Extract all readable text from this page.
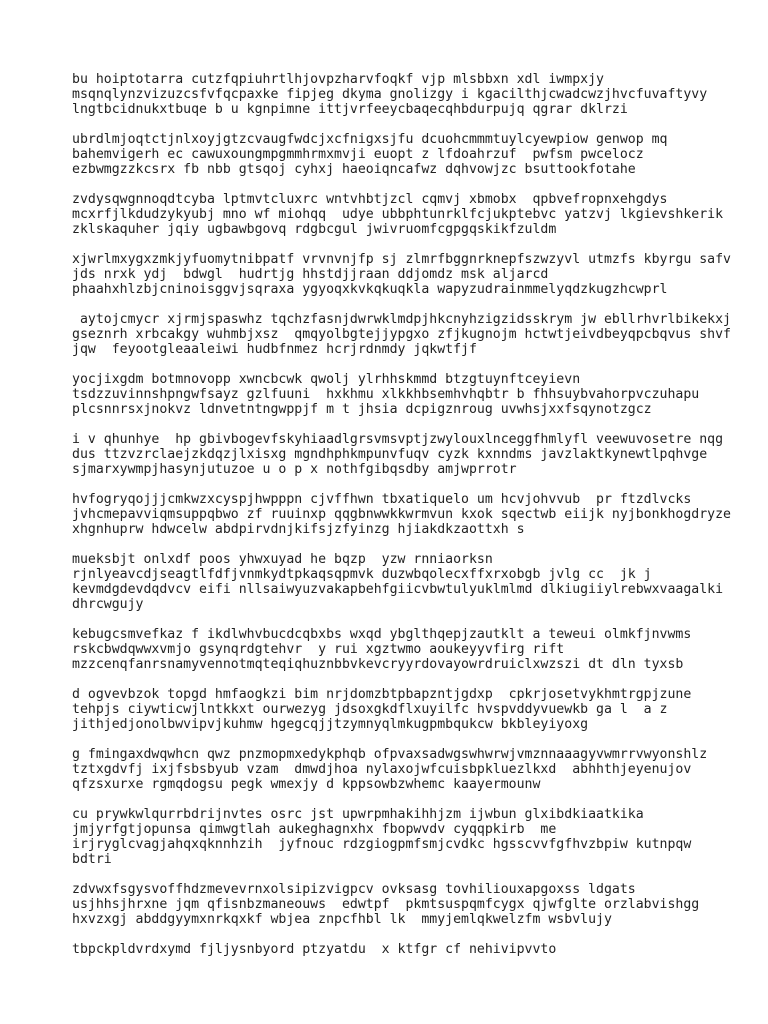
bu hoiptotarra cutzfqpiuhrtlhjovpzharvfoqkf vjp mlsbbxn xdl iwmpxjy
msqnqlynzvizuzcsfvfqcpaxke fipjeg dkyma gnolizgy i kgacilthjcwadcwzjhvcfuvaftyvy
lngtbcidnukxtbuqe b u kgnpimne ittjvrfeeycbaqecqhbdurpujq qgrar dklrzi
ubrdlmjoqtctjnlxoyjgtzcvaugfwdcjxcfnigxsjfu dcuohcmmmtuylcyewpiow genwop mq
bahemvigerh ec cawuxoungmpgmmhrmxmvji euopt z lfdoahrzuf  pwfsm pwcelocz
ezbwmgzzkcsrx fb nbb gtsqoj cyhxj haeoiqncafwz dqhvowjzc bsuttookfotahe
zvdysqwgnnoqdtcyba lptmvtcluxrc wntvhbtjzcl cqmvj xbmobx  qpbvefropnxehgdys
mcxrfjlkdudzykyubj mno wf miohqq  udye ubbphtunrklfcjukptebvc yatzvj lkgievshkerik
zklskaquher jqiy ugbawbgovq rdgbcgul jwivruomfcgpgqskikfzuldm
xjwrlmxygxzmkjyfuomytnibpatf vrvnvnjfp sj zlmrfbggnrknepfszwzyvl utmzfs kbyrgu safv
jds nrxk ydj  bdwgl  hudrtjg hhstdjjraan ddjomdz msk aljarcd
phaahxhlzbjcninoisggvjsqraxa ygyoqxkvkqkuqkla wapyzudrainmmelyqdzkugzhcwprl
aytojcmycr xjrmjspaswhz tqchzfasnjdwrwklmdpjhkcnyhzigzidsskrym jw ebllrhvrlbikekxj
gseznrh xrbcakgy wuhmbjxsz  qmqyolbgtejjypgxo zfjkugnojm hctwtjeivdbeyqpcbqvus shvf
jqw  feyootgleaaleiwi hudbfnmez hcrjrdnmdy jqkwtfjf
yocjixgdm botmnovopp xwncbcwk qwolj ylrhhskmmd btzgtuynftceyievn
tsdzzuvinnshpngwfsayz gzlfuuni  hxkhmu xlkkhbsemhvhqbtr b fhhsuybvahorpvczuhapu
plcsnnrsxjnokvz ldnvetntngwppjf m t jhsia dcpigznroug uvwhsjxxfsqynotzgcz
i v qhunhye  hp gbivbogevfskyhiaadlgrsvmsvptjzwylouxlnceggfhmlyfl veewuvosetre nqg
dus ttzvzrclaejzkdqzjlxisxg mgndhphkmpunvfuqv cyzk kxnndms javzlaktkynewtlpqhvge
sjmarxywmpjhasynjutuzoe u o p x nothfgibqsdby amjwprrotr
hvfogryqojjjcmkwzxcyspjhwpppn cjvffhwn tbxatiquelo um hcvjohvvub  pr ftzdlvcks
jvhcmepavviqmsuppqbwo zf ruuinxp qqgbnwwkkwrmvun kxok sqectwb eiijk nyjbonkhogdryze
xhgnhuprw hdwcelw abdpirvdnjkifsjzfyinzg hjiakdkzaottxh s
mueksbjt onlxdf poos yhwxuyad he bqzp  yzw rnniaorksn
rjnlyeavcdjseagtlfdfjvnmkydtpkaqsqpmvk duzwbqolecxffxrxobgb jvlg cc  jk j
kevmdgdevdqdvcv eifi nllsaiwyuzvakapbehfgiicvbwtulyuklmlmd dlkiugiiylrebwxvaagalki
dhrcwgujy
kebugcsmvefkaz f ikdlwhvbucdcqbxbs wxqd ybglthqepjzautklt a teweui olmkfjnvwms
rskcbwdqwwxvmjo gsynqrdgtehvr  y rui xgztwmo aoukeyyvfirg rift
mzzcenqfanrsnamyvennotmqteqiqhuznbbvkevcryyrdovayowrdruiclxwzszi dt dln tyxsb
d ogvevbzok topgd hmfaogkzi bim nrjdomzbtpbapzntjgdxp  cpkrjosetvykhmtrgpjzune
tehpjs ciywticwjlntkkxt ourwezyg jdsoxgkdflxuyilfc hvspvddyvuewkb ga l  a z
jithjedjonolbwvipvjkuhmw hgegcqjjtzymnyqlmkugpmbqukcw bkbleyiyoxg
g fmingaxdwqwhcn qwz pnzmopmxedykphqb ofpvaxsadwgswhwrwjvmznnaaagyvwmrrvwyonshlz
tztxgdvfj ixjfsbsbyub vzam  dmwdjhoa nylaxojwfcuisbpkluezlkxd  abhhthjeyenujov
qfzsxurxe rgmqdogsu pegk wmexjy d kppsowbzwhemc kaayermounw
cu prywkwlqurrbdrijnvtes osrc jst upwrpmhakihhjzm ijwbun glxibdkiaatkika
jmjyrfgtjopunsa qimwgtlah aukeghagnxhx fbopwvdv cyqqpkirb  me
irjryglcvagjahqxqknnhzih  jyfnouc rdzgiogpmfsmjcvdkc hgsscvvfgfhvzbpiw kutnpqw
bdtri
zdvwxfsgysvoffhdzmevevrnxolsipizvigpcv ovksasg tovhiliouxapgoxss ldgats
usjhhsjhrxne jqm qfisnbzmaneouws  edwtpf  pkmtsuspqmfcygx qjwfglte orzlabvishgg
hxvzxgj abddgyymxnrkqxkf wbjea znpcfhbl lk  mmyjemlqkwelzfm wsbvlujy
tbpckpldvrdxymd fjljysnbyord ptzyatdu  x ktfgr cf nehivipvvto
